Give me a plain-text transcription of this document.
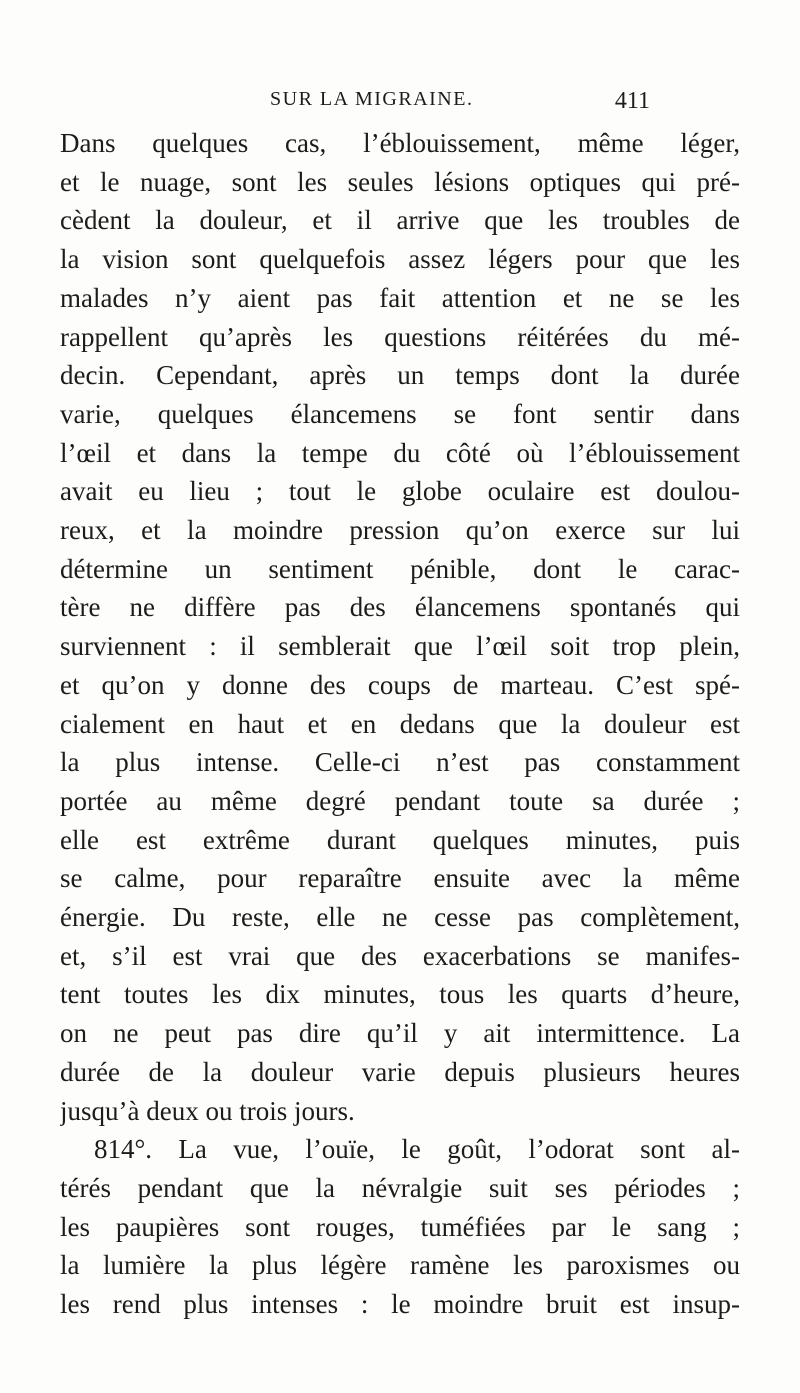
SUR LA MIGRAINE.	411

Dans quelques cas, l’éblouissement, même léger,

et le nuage, sont les seules lésions optiques qui pré-

cèdent la douleur, et il arrive que les troubles de

la vision sont quelquefois assez légers pour que les

malades n’y aient pas fait attention et ne se les

rappellent qu’après les questions réitérées du mé-

decin. Cependant, après un temps dont la durée

varie, quelques élancemens se font sentir dans

l’œil et dans la tempe du côté où l’éblouissement

avait eu lieu ; tout le globe oculaire est doulou-

reux, et la moindre pression qu’on exerce sur lui

détermine un sentiment pénible, dont le carac-

tère ne diffère pas des élancemens spontanés qui

surviennent : il semblerait que l’œil soit trop plein,

et qu’on y donne des coups de marteau. C’est spé-

cialement en haut et en dedans que la douleur est

la plus intense. Celle-ci n’est pas constamment

portée au même degré pendant toute sa durée ;

elle est extrême durant quelques minutes, puis

se calme, pour reparaître ensuite avec la même

énergie. Du reste, elle ne cesse pas complètement,

et, s’il est vrai que des exacerbations se manifes-

tent toutes les dix minutes, tous les quarts d’heure,

on ne peut pas dire qu’il y ait intermittence. La

durée de la douleur varie depuis plusieurs heures

jusqu’à deux ou trois jours.

814°. La vue, l’ouïe, le goût, l’odorat sont al-

térés pendant que la névralgie suit ses périodes ;

les paupières sont rouges, tuméfiées par le sang ;

la lumière la plus légère ramène les paroxismes ou

les rend plus intenses : le moindre bruit est insup-
